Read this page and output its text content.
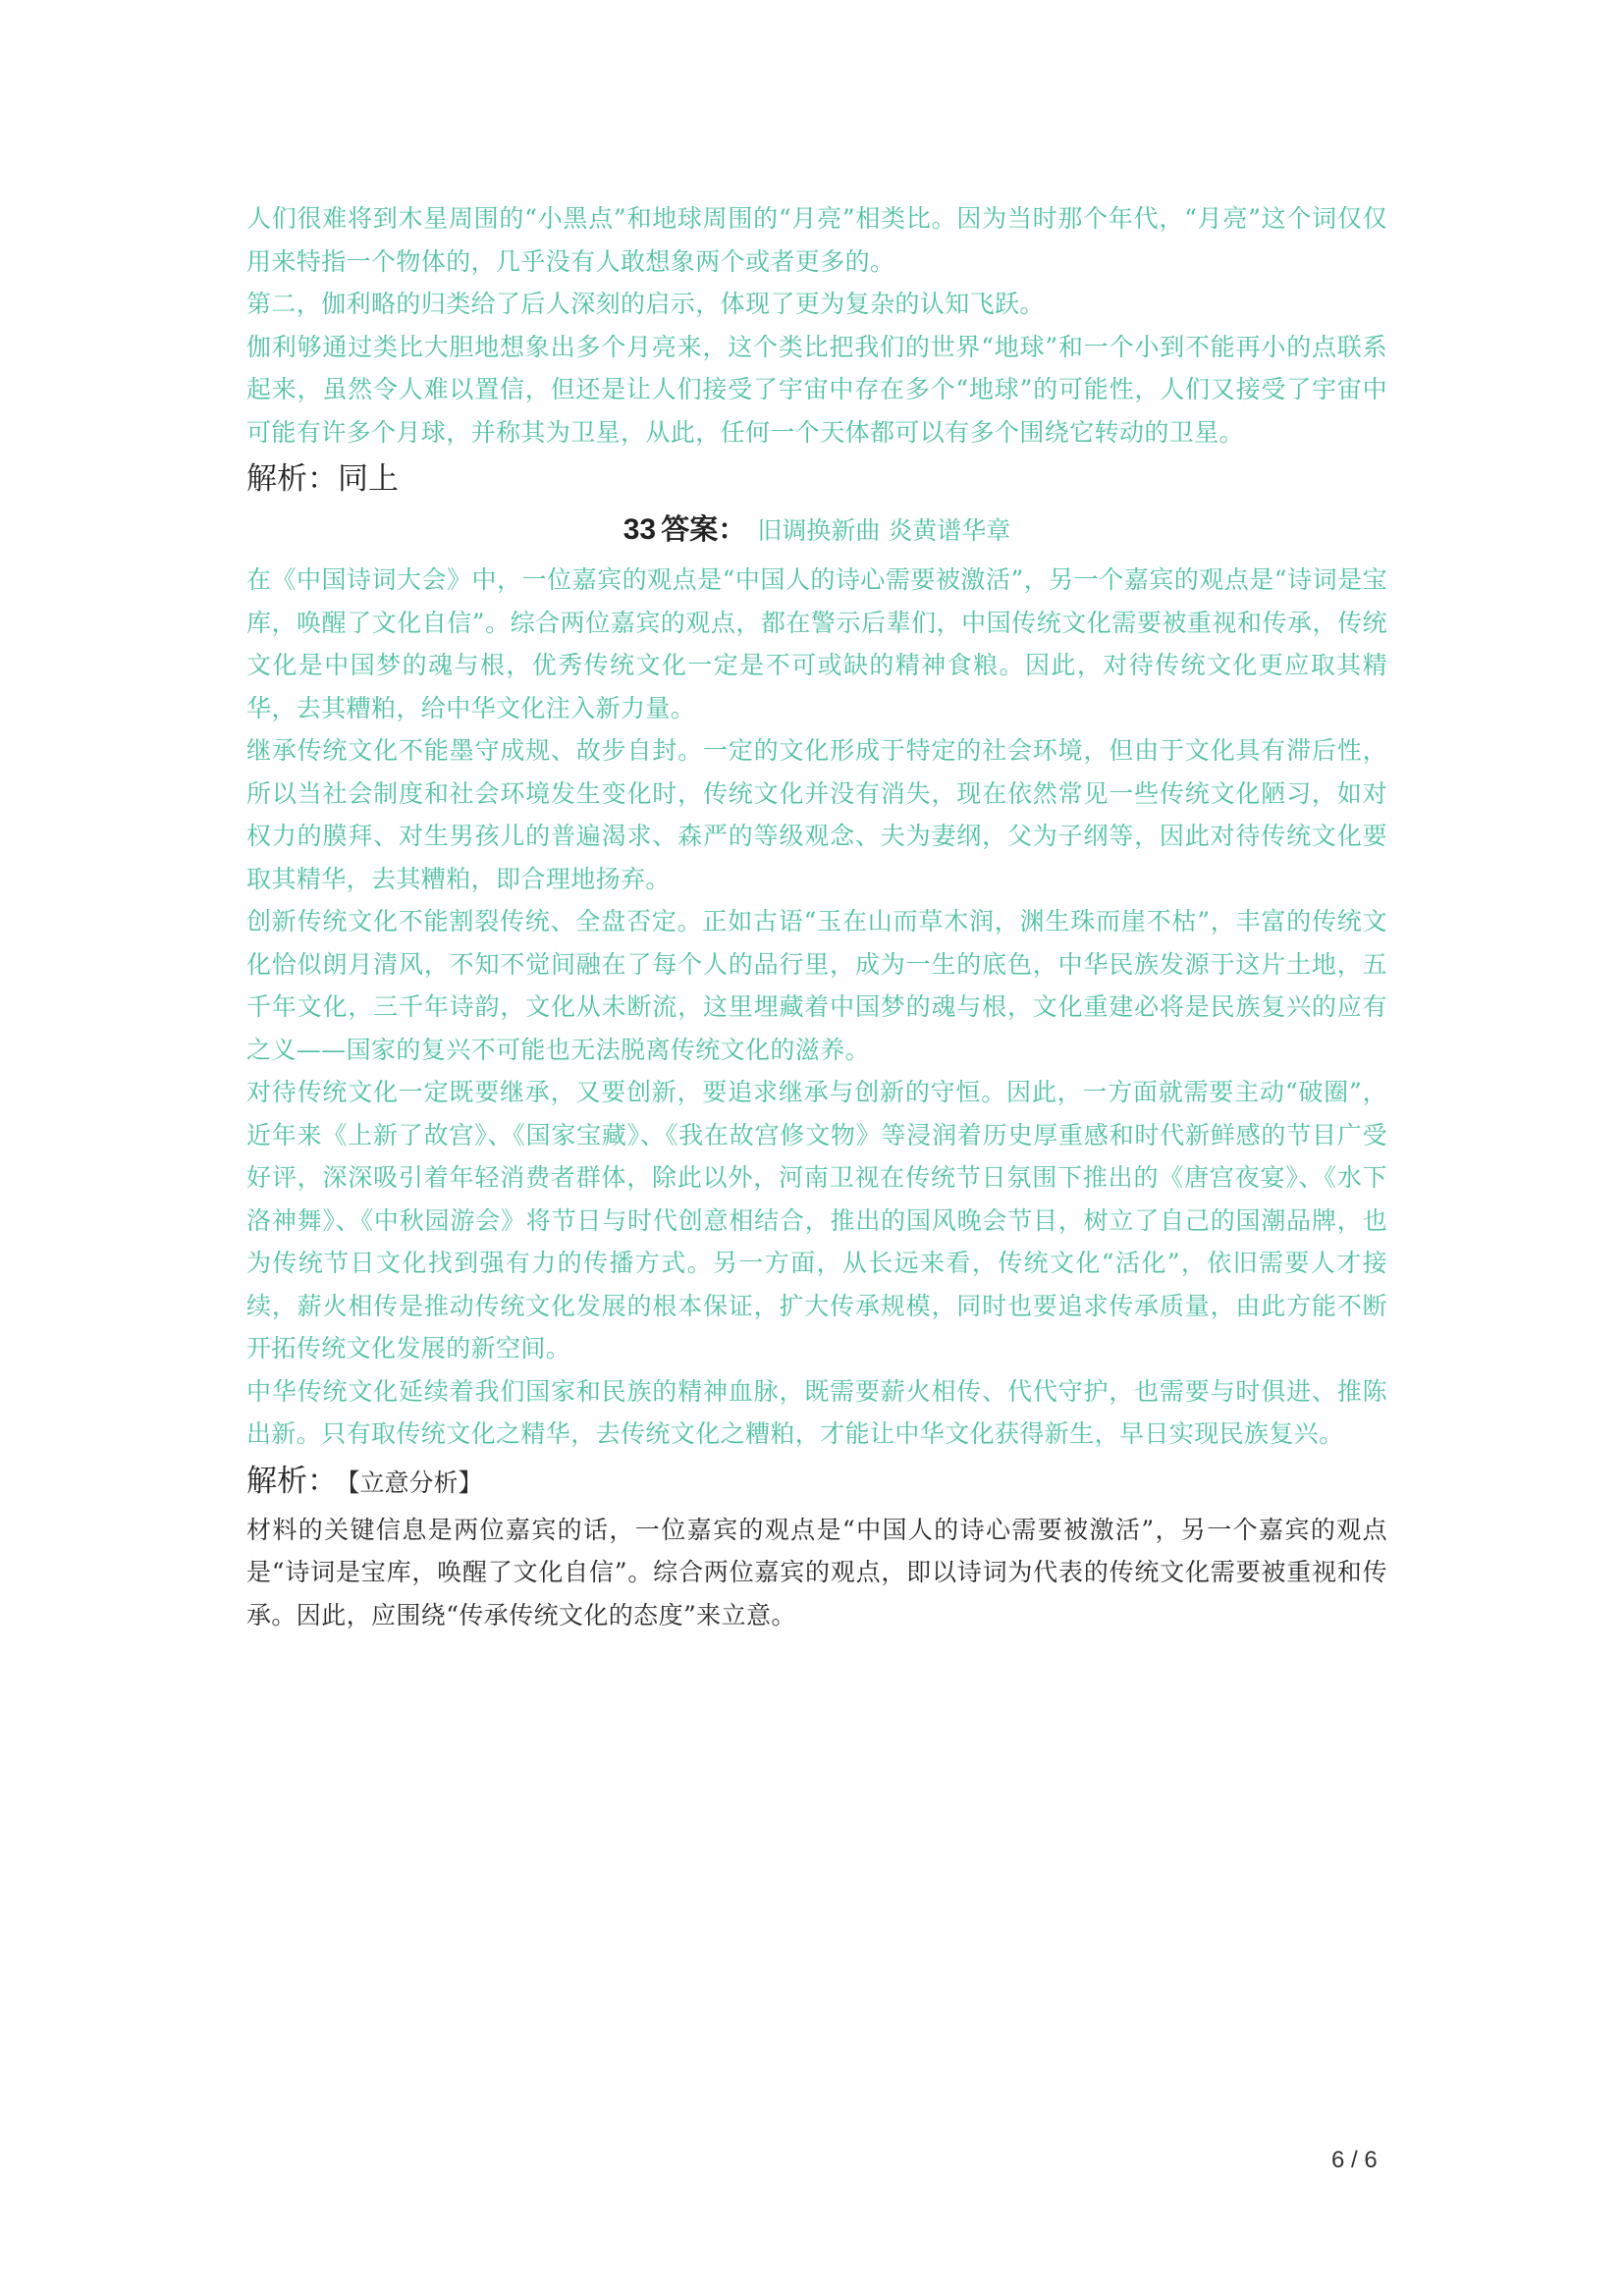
人们很难将到木星周围的“小黑点”和地球周围的“月亮”相类比。因为当时那个年代，“月亮”这个词仅仅用来特指一个物体的，几乎没有人敢想象两个或者更多的。

第二，伽利略的归类给了后人深刻的启示，体现了更为复杂的认知飞跃。

伽利够通过类比大胆地想象出多个月亮来，这个类比把我们的世界“地球”和一个小到不能再小的点联系起来，虽然令人难以置信，但还是让人们接受了宇宙中存在多个“地球”的可能性，人们又接受了宇宙中可能有许多个月球，并称其为卫星，从此，任何一个天体都可以有多个围绕它转动的卫星。

解析：同上

33 答案： 旧调换新曲 炎黄谱华章

在《中国诗词大会》中，一位嘉宾的观点是“中国人的诗心需要被激活”，另一个嘉宾的观点是“诗词是宝库，唤醒了文化自信”。综合两位嘉宾的观点，都在警示后辈们，中国传统文化需要被重视和传承，传统文化是中国梦的魂与根，优秀传统文化一定是不可或缺的精神食粮。因此，对待传统文化更应取其精华，去其糟粕，给中华文化注入新力量。

继承传统文化不能墨守成规、故步自封。一定的文化形成于特定的社会环境，但由于文化具有滞后性，所以当社会制度和社会环境发生变化时，传统文化并没有消失，现在依然常见一些传统文化陋习，如对权力的膜拜、对生男孩儿的普遍渴求、森严的等级观念、夫为妻纲，父为子纲等，因此对待传统文化要取其精华，去其糟粕，即合理地扬弃。

创新传统文化不能割裂传统、全盘否定。正如古语“玉在山而草木润，渊生珠而崖不枯”，丰富的传统文化恰似朗月清风，不知不觉间融在了每个人的品行里，成为一生的底色，中华民族发源于这片土地，五千年文化，三千年诗韵，文化从未断流，这里埋藏着中国梦的魂与根，文化重建必将是民族复兴的应有之义——国家的复兴不可能也无法脱离传统文化的滋养。

对待传统文化一定既要继承，又要创新，要追求继承与创新的守恒。因此，一方面就需要主动“破圈”，近年来《上新了故宫》、《国家宝藏》、《我在故宫修文物》等浸润着历史厚重感和时代新鲜感的节目广受好评，深深吸引着年轻消费者群体，除此以外，河南卫视在传统节日氛围下推出的《唐宫夜宴》、《水下洛神舞》、《中秋园游会》将节日与时代创意相结合，推出的国风晚会节目，树立了自己的国潮品牌，也为传统节日文化找到强有力的传播方式。另一方面，从长远来看，传统文化“活化”，依旧需要人才接续，薪火相传是推动传统文化发展的根本保证，扩大传承规模，同时也要追求传承质量，由此方能不断开拓传统文化发展的新空间。

中华传统文化延续着我们国家和民族的精神血脉，既需要薪火相传、代代守护，也需要与时俱进、推陈出新。只有取传统文化之精华，去传统文化之糟粕，才能让中华文化获得新生，早日实现民族复兴。

解析： 【立意分析】

材料的关键信息是两位嘉宾的话，一位嘉宾的观点是“中国人的诗心需要被激活”，另一个嘉宾的观点是“诗词是宝库，唤醒了文化自信”。综合两位嘉宾的观点，即以诗词为代表的传统文化需要被重视和传承。因此，应围绕“传承传统文化的态度”来立意。

6 / 6
